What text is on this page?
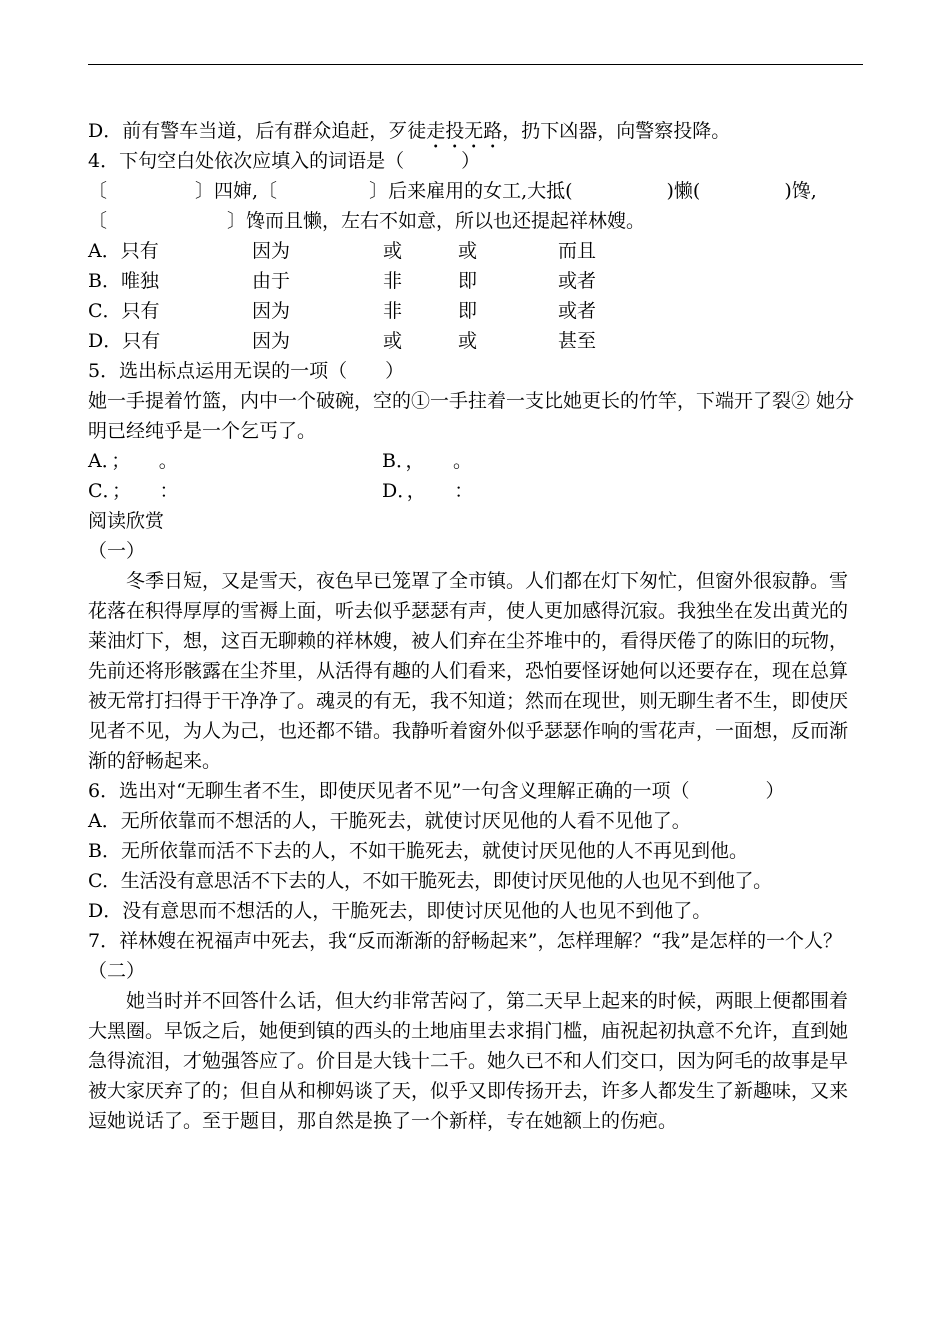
D．前有警车当道，后有群众追赶，歹徒走投无路，扔下凶器，向警察投降。
4．下句空白处依次应填入的词语是（　　　）
〔	〕四婶,〔	〕后来雇用的女工,大抵(	)懒(	)馋,
〔	〕馋而且懒，左右不如意，所以也还提起祥林嫂。
A．只有	因为	或	或	而且
B．唯独	由于	非	即	或者
C．只有	因为	非	即	或者
D．只有	因为	或	或	甚至
5．选出标点运用无误的一项（　　）
她一手提着竹篮，内中一个破碗，空的①一手拄着一支比她更长的竹竿，下端开了裂② 她分明已经纯乎是一个乞丐了。
A．；　　。	B．，　　。
C．；　　：	D．，　　：
阅读欣赏
（一）
冬季日短，又是雪天，夜色早已笼罩了全市镇。人们都在灯下匆忙，但窗外很寂静。雪花落在积得厚厚的雪褥上面，听去似乎瑟瑟有声，使人更加感得沉寂。我独坐在发出黄光的莱油灯下，想，这百无聊赖的祥林嫂，被人们弃在尘芥堆中的，看得厌倦了的陈旧的玩物，先前还将形骸露在尘芥里，从活得有趣的人们看来，恐怕要怪讶她何以还要存在，现在总算被无常打扫得于干净净了。魂灵的有无，我不知道；然而在现世，则无聊生者不生，即使厌见者不见，为人为己，也还都不错。我静听着窗外似乎瑟瑟作响的雪花声，一面想，反而渐渐的舒畅起来。
6．选出对“无聊生者不生，即使厌见者不见”一句含义理解正确的一项（　　　　）
A．无所依靠而不想活的人，干脆死去，就使讨厌见他的人看不见他了。
B．无所依靠而活不下去的人，不如干脆死去，就使讨厌见他的人不再见到他。
C．生活没有意思活不下去的人，不如干脆死去，即使讨厌见他的人也见不到他了。
D．没有意思而不想活的人，干脆死去，即使讨厌见他的人也见不到他了。
7．祥林嫂在祝福声中死去，我“反而渐渐的舒畅起来”，怎样理解？“我”是怎样的一个人？
（二）
她当时并不回答什么话，但大约非常苦闷了，第二天早上起来的时候，两眼上便都围着大黑圈。早饭之后，她便到镇的西头的土地庙里去求捐门槛，庙祝起初执意不允许，直到她急得流泪，才勉强答应了。价目是大钱十二千。她久已不和人们交口，因为阿毛的故事是早被大家厌弃了的；但自从和柳妈谈了天，似乎又即传扬开去，许多人都发生了新趣味，又来逗她说话了。至于题目，那自然是换了一个新样，专在她额上的伤疤。
